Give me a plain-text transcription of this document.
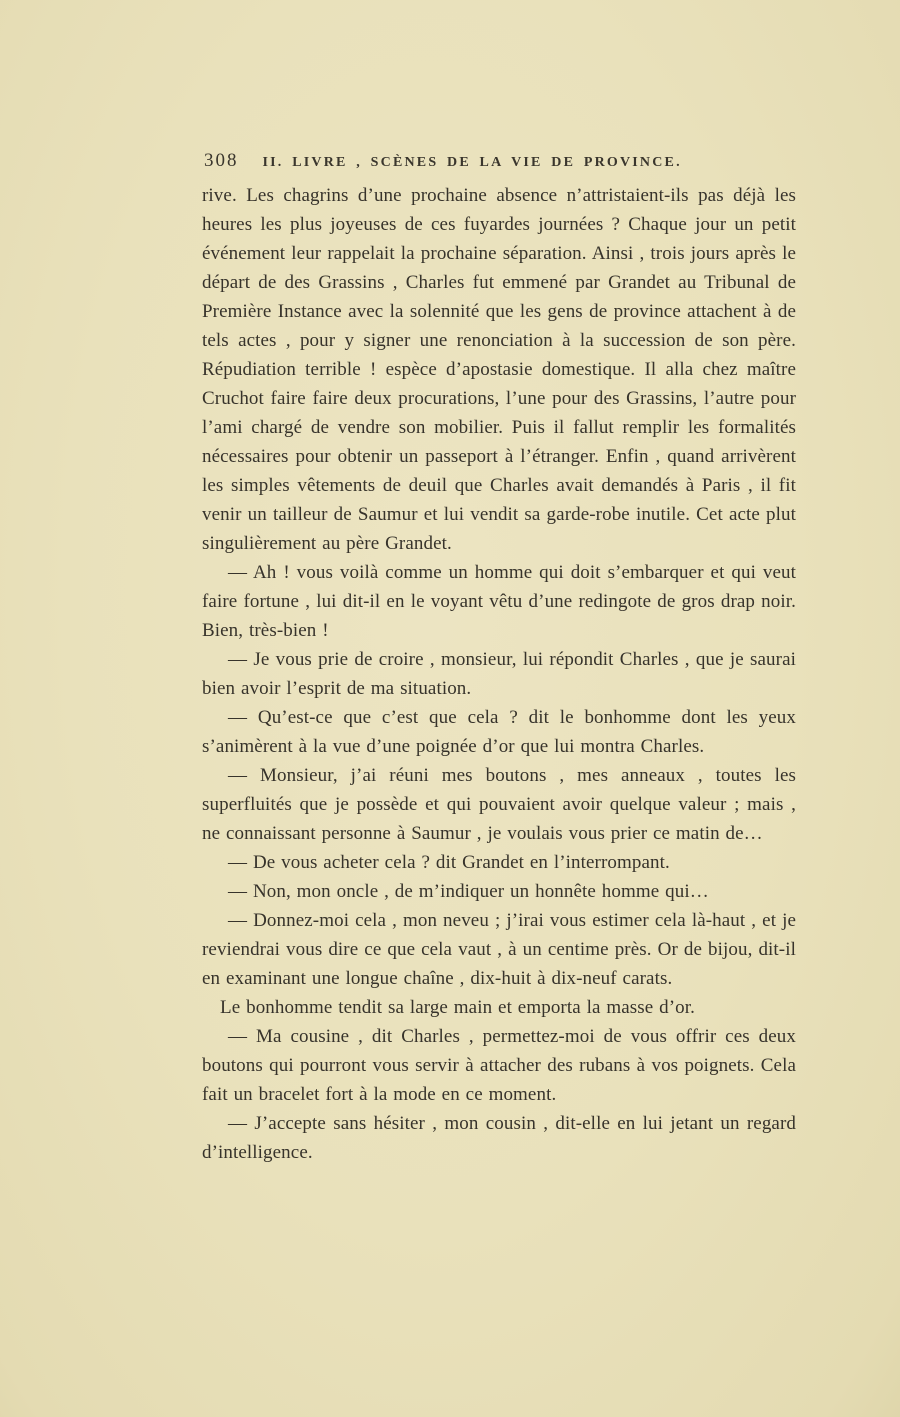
308 II. LIVRE , SCÈNES DE LA VIE DE PROVINCE.

rive. Les chagrins d’une prochaine absence n’attristaient-ils pas déjà les heures les plus joyeuses de ces fuyardes journées ? Chaque jour un petit événement leur rappelait la prochaine séparation. Ainsi , trois jours après le départ de des Grassins , Charles fut emmené par Grandet au Tribunal de Première Instance avec la solennité que les gens de province attachent à de tels actes , pour y signer une renonciation à la succession de son père. Répudiation terrible ! espèce d’apostasie domestique. Il alla chez maître Cruchot faire faire deux procurations, l’une pour des Grassins, l’autre pour l’ami chargé de vendre son mobilier. Puis il fallut remplir les formalités nécessaires pour obtenir un passeport à l’étranger. Enfin , quand arrivèrent les simples vêtements de deuil que Charles avait demandés à Paris , il fit venir un tailleur de Saumur et lui vendit sa garde-robe inutile. Cet acte plut singulièrement au père Grandet.

— Ah ! vous voilà comme un homme qui doit s’embarquer et qui veut faire fortune , lui dit-il en le voyant vêtu d’une redingote de gros drap noir. Bien, très-bien !

— Je vous prie de croire , monsieur, lui répondit Charles , que je saurai bien avoir l’esprit de ma situation.

— Qu’est-ce que c’est que cela ? dit le bonhomme dont les yeux s’animèrent à la vue d’une poignée d’or que lui montra Charles.

— Monsieur, j’ai réuni mes boutons , mes anneaux , toutes les superfluités que je possède et qui pouvaient avoir quelque valeur ; mais , ne connaissant personne à Saumur , je voulais vous prier ce matin de…

— De vous acheter cela ? dit Grandet en l’interrompant.

— Non, mon oncle , de m’indiquer un honnête homme qui…

— Donnez-moi cela , mon neveu ; j’irai vous estimer cela là-haut , et je reviendrai vous dire ce que cela vaut , à un centime près. Or de bijou, dit-il en examinant une longue chaîne , dix-huit à dix-neuf carats.

Le bonhomme tendit sa large main et emporta la masse d’or.

— Ma cousine , dit Charles , permettez-moi de vous offrir ces deux boutons qui pourront vous servir à attacher des rubans à vos poignets. Cela fait un bracelet fort à la mode en ce moment.

— J’accepte sans hésiter , mon cousin , dit-elle en lui jetant un regard d’intelligence.
